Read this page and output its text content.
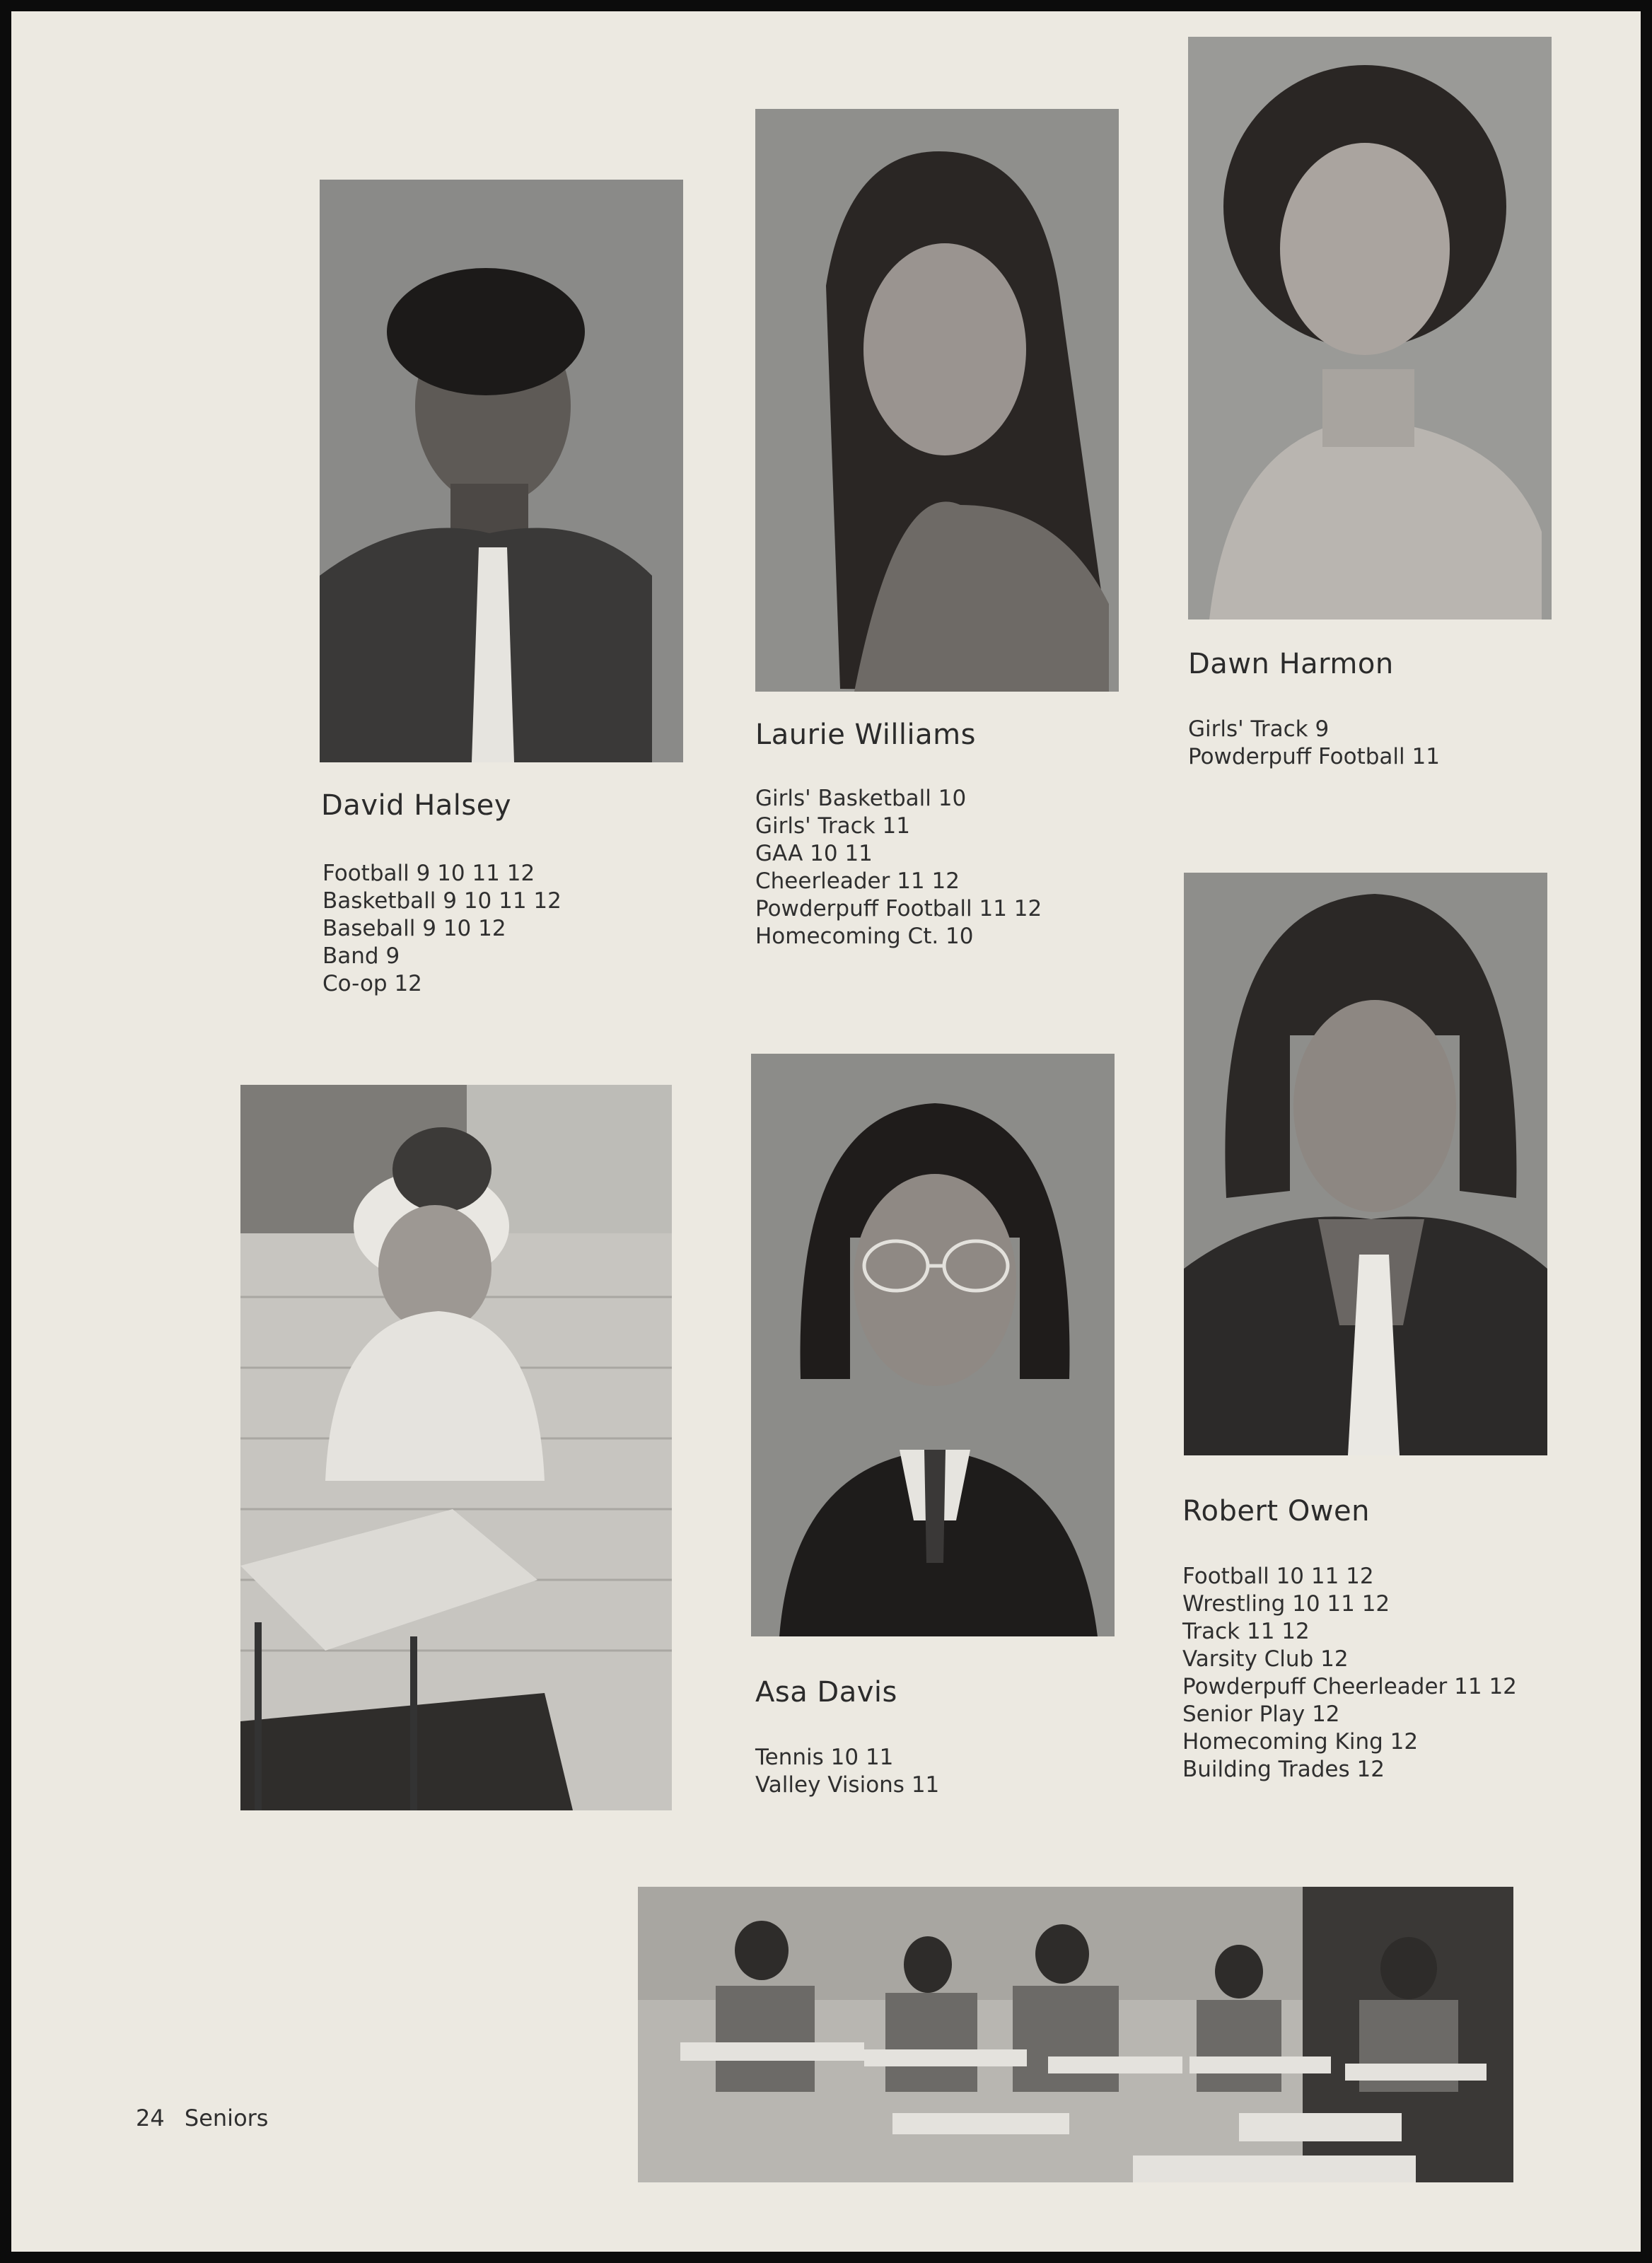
David Halsey
Football 9 10 11 12
Basketball 9 10 11 12
Baseball 9 10 12
Band 9
Co-op 12
Laurie Williams
Girls' Basketball 10
Girls' Track 11
GAA 10 11
Cheerleader 11 12
Powderpuff Football 11 12
Homecoming Ct. 10
Dawn Harmon
Girls' Track 9
Powderpuff Football 11
Asa Davis
Tennis 10 11
Valley Visions 11
Robert Owen
Football 10 11 12
Wrestling 10 11 12
Track 11 12
Varsity Club 12
Powderpuff Cheerleader 11 12
Senior Play 12
Homecoming King 12
Building Trades 12
24 Seniors
